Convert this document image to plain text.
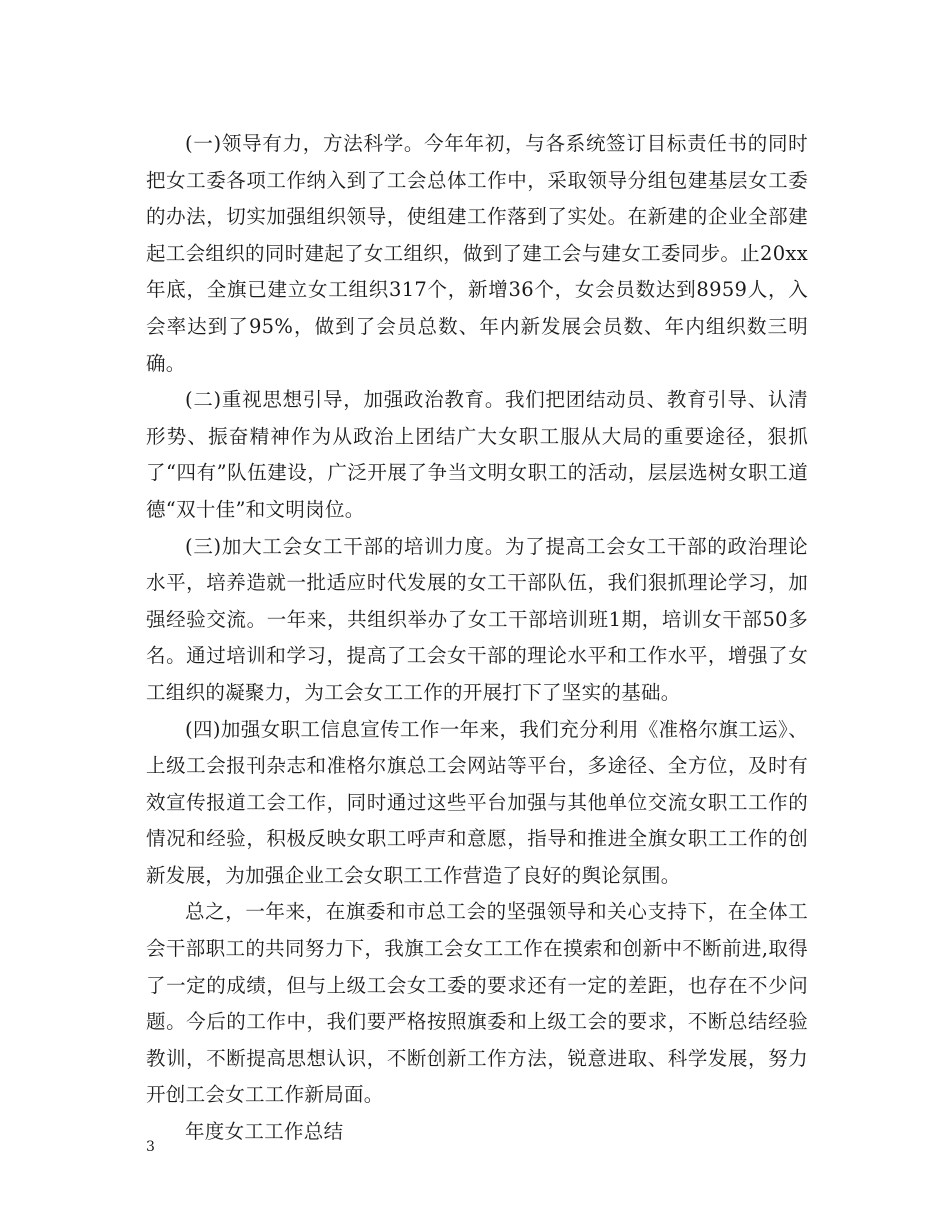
(一)领导有力，方法科学。今年年初，与各系统签订目标责任书的同时把女工委各项工作纳入到了工会总体工作中，采取领导分组包建基层女工委的办法，切实加强组织领导，使组建工作落到了实处。在新建的企业全部建起工会组织的同时建起了女工组织，做到了建工会与建女工委同步。止20xx年底，全旗已建立女工组织317个，新增36个，女会员数达到8959人，入会率达到了95%，做到了会员总数、年内新发展会员数、年内组织数三明确。

(二)重视思想引导，加强政治教育。我们把团结动员、教育引导、认清形势、振奋精神作为从政治上团结广大女职工服从大局的重要途径，狠抓了“四有”队伍建设，广泛开展了争当文明女职工的活动，层层选树女职工道德“双十佳”和文明岗位。

(三)加大工会女工干部的培训力度。为了提高工会女工干部的政治理论水平，培养造就一批适应时代发展的女工干部队伍，我们狠抓理论学习，加强经验交流。一年来，共组织举办了女工干部培训班1期，培训女干部50多名。通过培训和学习，提高了工会女干部的理论水平和工作水平，增强了女工组织的凝聚力，为工会女工工作的开展打下了坚实的基础。

(四)加强女职工信息宣传工作一年来，我们充分利用《准格尔旗工运》、上级工会报刊杂志和准格尔旗总工会网站等平台，多途径、全方位，及时有效宣传报道工会工作，同时通过这些平台加强与其他单位交流女职工工作的情况和经验，积极反映女职工呼声和意愿，指导和推进全旗女职工工作的创新发展，为加强企业工会女职工工作营造了良好的舆论氛围。

总之，一年来，在旗委和市总工会的坚强领导和关心支持下，在全体工会干部职工的共同努力下，我旗工会女工工作在摸索和创新中不断前进,取得了一定的成绩，但与上级工会女工委的要求还有一定的差距，也存在不少问题。今后的工作中，我们要严格按照旗委和上级工会的要求，不断总结经验教训，不断提高思想认识，不断创新工作方法，锐意进取、科学发展，努力开创工会女工工作新局面。

年度女工工作总结

3
